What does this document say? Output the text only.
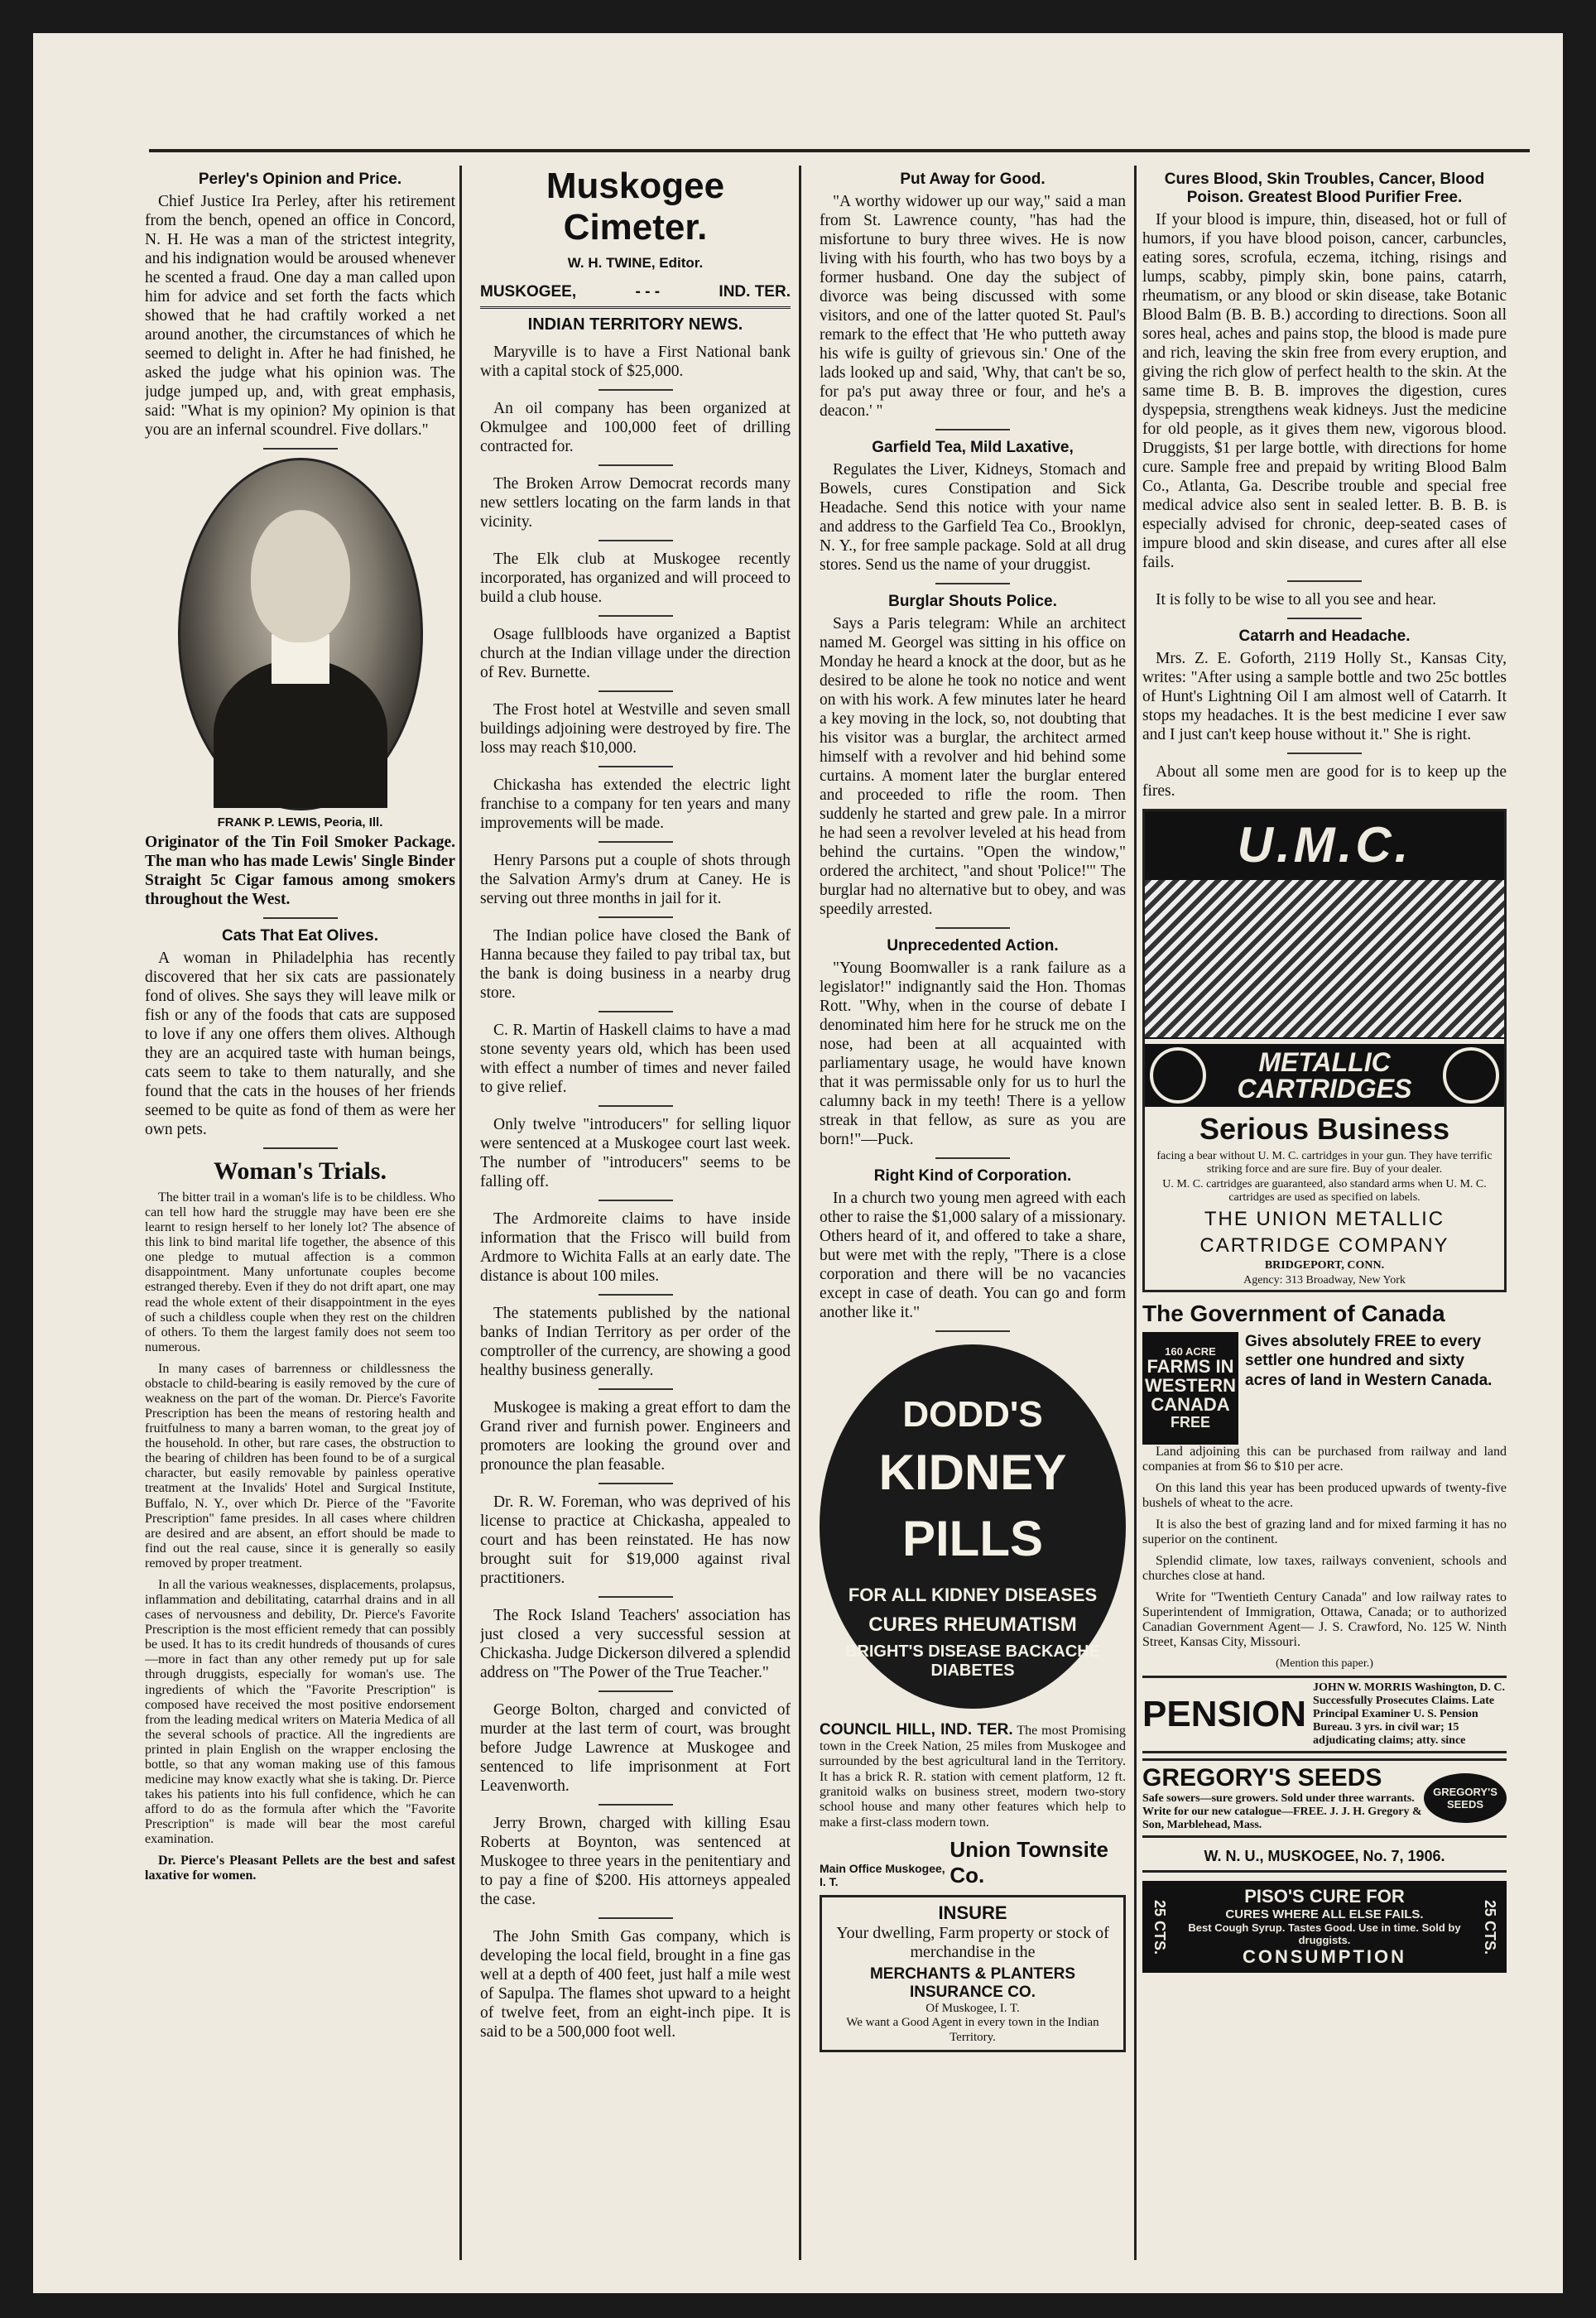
Perley's Opinion and Price.

Chief Justice Ira Perley, after his retirement from the bench, opened an office in Concord, N. H. He was a man of the strictest integrity, and his indignation would be aroused whenever he scented a fraud. One day a man called upon him for advice and set forth the facts which showed that he had craftily worked a net around another, the circumstances of which he seemed to delight in. After he had finished, he asked the judge what his opinion was. The judge jumped up, and, with great emphasis, said: "What is my opinion? My opinion is that you are an infernal scoundrel. Five dollars."

FRANK P. LEWIS, Peoria, Ill.

Originator of the Tin Foil Smoker Package. The man who has made Lewis' Single Binder Straight 5c Cigar famous among smokers throughout the West.

Cats That Eat Olives.

A woman in Philadelphia has recently discovered that her six cats are passionately fond of olives. She says they will leave milk or fish or any of the foods that cats are supposed to love if any one offers them olives. Although they are an acquired taste with human beings, cats seem to take to them naturally, and she found that the cats in the houses of her friends seemed to be quite as fond of them as were her own pets.

Woman's Trials.

The bitter trail in a woman's life is to be childless. Who can tell how hard the struggle may have been ere she learnt to resign herself to her lonely lot? The absence of this link to bind marital life together, the absence of this one pledge to mutual affection is a common disappointment. Many unfortunate couples become estranged thereby. Even if they do not drift apart, one may read the whole extent of their disappointment in the eyes of such a childless couple when they rest on the children of others. To them the largest family does not seem too numerous.

In many cases of barrenness or childlessness the obstacle to child-bearing is easily removed by the cure of weakness on the part of the woman. Dr. Pierce's Favorite Prescription has been the means of restoring health and fruitfulness to many a barren woman, to the great joy of the household. In other, but rare cases, the obstruction to the bearing of children has been found to be of a surgical character, but easily removable by painless operative treatment at the Invalids' Hotel and Surgical Institute, Buffalo, N. Y., over which Dr. Pierce of the "Favorite Prescription" fame presides. In all cases where children are desired and are absent, an effort should be made to find out the real cause, since it is generally so easily removed by proper treatment.

In all the various weaknesses, displacements, prolapsus, inflammation and debilitating, catarrhal drains and in all cases of nervousness and debility, Dr. Pierce's Favorite Prescription is the most efficient remedy that can possibly be used. It has to its credit hundreds of thousands of cures—more in fact than any other remedy put up for sale through druggists, especially for woman's use. The ingredients of which the "Favorite Prescription" is composed have received the most positive endorsement from the leading medical writers on Materia Medica of all the several schools of practice. All the ingredients are printed in plain English on the wrapper enclosing the bottle, so that any woman making use of this famous medicine may know exactly what she is taking. Dr. Pierce takes his patients into his full confidence, which he can afford to do as the formula after which the "Favorite Prescription" is made will bear the most careful examination.

Dr. Pierce's Pleasant Pellets are the best and safest laxative for women.

Muskogee Cimeter.
W. H. TWINE, Editor.
MUSKOGEE,	- - -	IND. TER.
INDIAN TERRITORY NEWS.

Maryville is to have a First National bank with a capital stock of $25,000.

An oil company has been organized at Okmulgee and 100,000 feet of drilling contracted for.

The Broken Arrow Democrat records many new settlers locating on the farm lands in that vicinity.

The Elk club at Muskogee recently incorporated, has organized and will proceed to build a club house.

Osage fullbloods have organized a Baptist church at the Indian village under the direction of Rev. Burnette.

The Frost hotel at Westville and seven small buildings adjoining were destroyed by fire. The loss may reach $10,000.

Chickasha has extended the electric light franchise to a company for ten years and many improvements will be made.

Henry Parsons put a couple of shots through the Salvation Army's drum at Caney. He is serving out three months in jail for it.

The Indian police have closed the Bank of Hanna because they failed to pay tribal tax, but the bank is doing business in a nearby drug store.

C. R. Martin of Haskell claims to have a mad stone seventy years old, which has been used with effect a number of times and never failed to give relief.

Only twelve "introducers" for selling liquor were sentenced at a Muskogee court last week. The number of "introducers" seems to be falling off.

The Ardmoreite claims to have inside information that the Frisco will build from Ardmore to Wichita Falls at an early date. The distance is about 100 miles.

The statements published by the national banks of Indian Territory as per order of the comptroller of the currency, are showing a good healthy business generally.

Muskogee is making a great effort to dam the Grand river and furnish power. Engineers and promoters are looking the ground over and pronounce the plan feasable.

Dr. R. W. Foreman, who was deprived of his license to practice at Chickasha, appealed to court and has been reinstated. He has now brought suit for $19,000 against rival practitioners.

The Rock Island Teachers' association has just closed a very successful session at Chickasha. Judge Dickerson dilvered a splendid address on "The Power of the True Teacher."

George Bolton, charged and convicted of murder at the last term of court, was brought before Judge Lawrence at Muskogee and sentenced to life imprisonment at Fort Leavenworth.

Jerry Brown, charged with killing Esau Roberts at Boynton, was sentenced at Muskogee to three years in the penitentiary and to pay a fine of $200. His attorneys appealed the case.

The John Smith Gas company, which is developing the local field, brought in a fine gas well at a depth of 400 feet, just half a mile west of Sapulpa. The flames shot upward to a height of twelve feet, from an eight-inch pipe. It is said to be a 500,000 foot well.

Put Away for Good.

"A worthy widower up our way," said a man from St. Lawrence county, "has had the misfortune to bury three wives. He is now living with his fourth, who has two boys by a former husband. One day the subject of divorce was being discussed with some visitors, and one of the latter quoted St. Paul's remark to the effect that 'He who putteth away his wife is guilty of grievous sin.' One of the lads looked up and said, 'Why, that can't be so, for pa's put away three or four, and he's a deacon.' "

Garfield Tea, Mild Laxative,

Regulates the Liver, Kidneys, Stomach and Bowels, cures Constipation and Sick Headache. Send this notice with your name and address to the Garfield Tea Co., Brooklyn, N. Y., for free sample package. Sold at all drug stores. Send us the name of your druggist.

Burglar Shouts Police.

Says a Paris telegram: While an architect named M. Georgel was sitting in his office on Monday he heard a knock at the door, but as he desired to be alone he took no notice and went on with his work. A few minutes later he heard a key moving in the lock, so, not doubting that his visitor was a burglar, the architect armed himself with a revolver and hid behind some curtains. A moment later the burglar entered and proceeded to rifle the room. Then suddenly he started and grew pale. In a mirror he had seen a revolver leveled at his head from behind the curtains. "Open the window," ordered the architect, "and shout 'Police!'" The burglar had no alternative but to obey, and was speedily arrested.

Unprecedented Action.

"Young Boomwaller is a rank failure as a legislator!" indignantly said the Hon. Thomas Rott. "Why, when in the course of debate I denominated him here for he struck me on the nose, had been at all acquainted with parliamentary usage, he would have known that it was permissable only for us to hurl the calumny back in my teeth! There is a yellow streak in that fellow, as sure as you are born!"—Puck.

Right Kind of Corporation.

In a church two young men agreed with each other to raise the $1,000 salary of a missionary. Others heard of it, and offered to take a share, but were met with the reply, "There is a close corporation and there will be no vacancies except in case of death. You can go and form another like it."

DODD'S
KIDNEY
PILLS
FOR ALL KIDNEY DISEASES
CURES RHEUMATISM
BRIGHT'S DISEASE BACKACHE DIABETES
COUNCIL HILL, IND. TER. The most Promising town in the Creek Nation, 25 miles from Muskogee and surrounded by the best agricultural land in the Territory. It has a brick R. R. station with cement platform, 12 ft. granitoid walks on business street, modern two-story school house and many other features which help to make a first-class modern town.
Main Office Muskogee, I. T.
Union Townsite Co.
INSURE
Your dwelling, Farm property or stock of merchandise in the
MERCHANTS & PLANTERS INSURANCE CO.
Of Muskogee, I. T.
We want a Good Agent in every town in the Indian Territory.
Cures Blood, Skin Troubles, Cancer, Blood Poison. Greatest Blood Purifier Free.

If your blood is impure, thin, diseased, hot or full of humors, if you have blood poison, cancer, carbuncles, eating sores, scrofula, eczema, itching, risings and lumps, scabby, pimply skin, bone pains, catarrh, rheumatism, or any blood or skin disease, take Botanic Blood Balm (B. B. B.) according to directions. Soon all sores heal, aches and pains stop, the blood is made pure and rich, leaving the skin free from every eruption, and giving the rich glow of perfect health to the skin. At the same time B. B. B. improves the digestion, cures dyspepsia, strengthens weak kidneys. Just the medicine for old people, as it gives them new, vigorous blood. Druggists, $1 per large bottle, with directions for home cure. Sample free and prepaid by writing Blood Balm Co., Atlanta, Ga. Describe trouble and special free medical advice also sent in sealed letter. B. B. B. is especially advised for chronic, deep-seated cases of impure blood and skin disease, and cures after all else fails.

It is folly to be wise to all you see and hear.

Catarrh and Headache.

Mrs. Z. E. Goforth, 2119 Holly St., Kansas City, writes: "After using a sample bottle and two 25c bottles of Hunt's Lightning Oil I am almost well of Catarrh. It stops my headaches. It is the best medicine I ever saw and I just can't keep house without it." She is right.

About all some men are good for is to keep up the fires.

U.M.C.
METALLIC CARTRIDGES
Serious Business
facing a bear without U. M. C. cartridges in your gun. They have terrific striking force and are sure fire. Buy of your dealer.
U. M. C. cartridges are guaranteed, also standard arms when U. M. C. cartridges are used as specified on labels.
THE UNION METALLIC
CARTRIDGE COMPANY
BRIDGEPORT, CONN.
Agency: 313 Broadway, New York
The Government of Canada
160 ACRE
FARMS IN
WESTERN
CANADA
FREE
Gives absolutely FREE to every settler one hundred and sixty acres of land in Western Canada.

Land adjoining this can be purchased from railway and land companies at from $6 to $10 per acre.

On this land this year has been produced upwards of twenty-five bushels of wheat to the acre.

It is also the best of grazing land and for mixed farming it has no superior on the continent.

Splendid climate, low taxes, railways convenient, schools and churches close at hand.

Write for "Twentieth Century Canada" and low railway rates to Superintendent of Immigration, Ottawa, Canada; or to authorized Canadian Government Agent— J. S. Crawford, No. 125 W. Ninth Street, Kansas City, Missouri.

(Mention this paper.)
PENSION
JOHN W. MORRIS Washington, D. C. Successfully Prosecutes Claims. Late Principal Examiner U. S. Pension Bureau. 3 yrs. in civil war; 15 adjudicating claims; atty. since
GREGORY'S SEEDS
Safe sowers—sure growers. Sold under three warrants. Write for our new catalogue—FREE. J. J. H. Gregory & Son, Marblehead, Mass.
GREGORY'S SEEDS
W. N. U., MUSKOGEE, No. 7, 1906.
25 CTS.
PISO'S CURE FOR
CURES WHERE ALL ELSE FAILS.
Best Cough Syrup. Tastes Good. Use in time. Sold by druggists.
CONSUMPTION
25 CTS.
